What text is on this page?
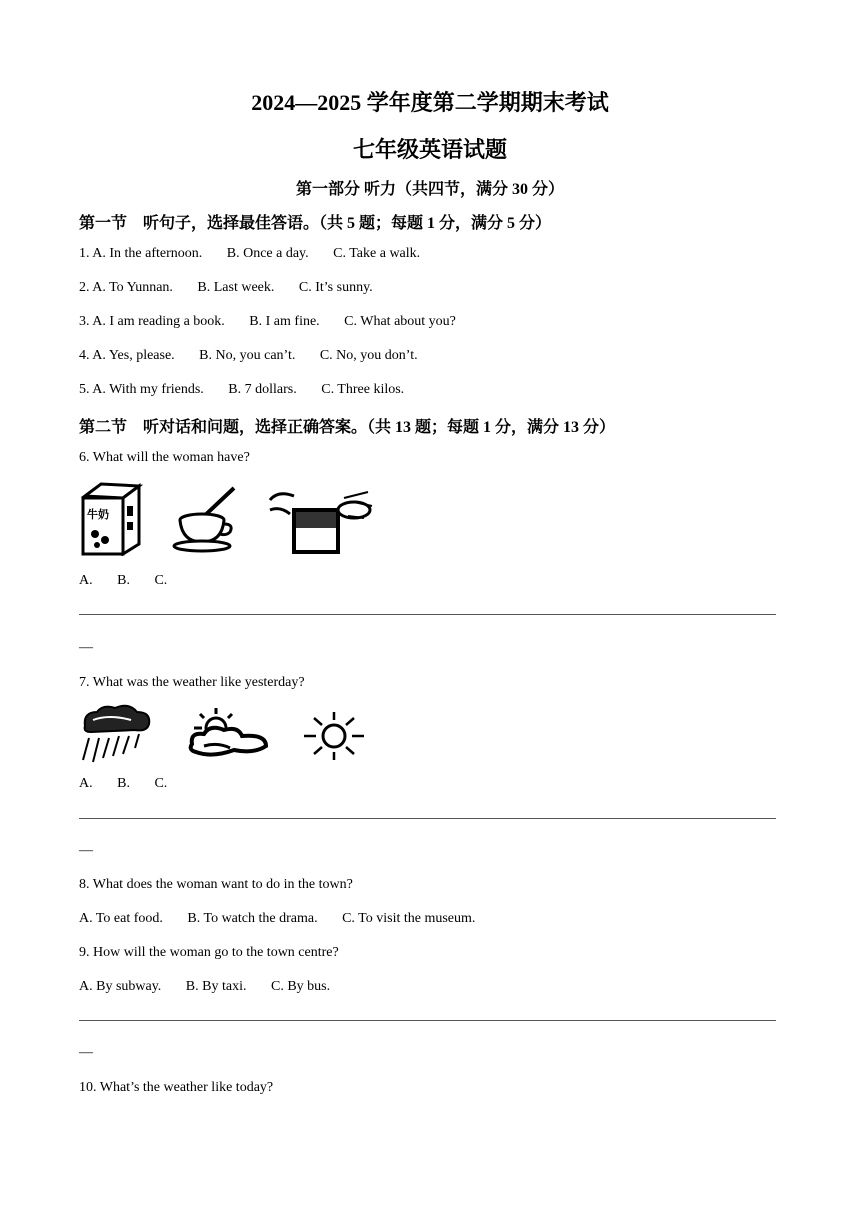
2024—2025 学年度第二学期期末考试
七年级英语试题
第一部分 听力（共四节，满分 30 分）
第一节    听句子，选择最佳答语。（共 5 题；每题 1 分，满分 5 分）
1. A. In the afternoon.       B. Once a day.       C. Take a walk.
2. A. To Yunnan.       B. Last week.       C. It’s sunny.
3. A. I am reading a book.       B. I am fine.       C. What about you?
4. A. Yes, please.       B. No, you can’t.       C. No, you don’t.
5. A. With my friends.       B. 7 dollars.       C. Three kilos.
第二节    听对话和问题，选择正确答案。（共 13 题；每题 1 分，满分 13 分）
6. What will the woman have?
牛奶
A.       B.       C.
—
7. What was the weather like yesterday?
A.       B.       C.
—
8. What does the woman want to do in the town?
A. To eat food.       B. To watch the drama.       C. To visit the museum.
9. How will the woman go to the town centre?
A. By subway.       B. By taxi.       C. By bus.
—
10. What’s the weather like today?
